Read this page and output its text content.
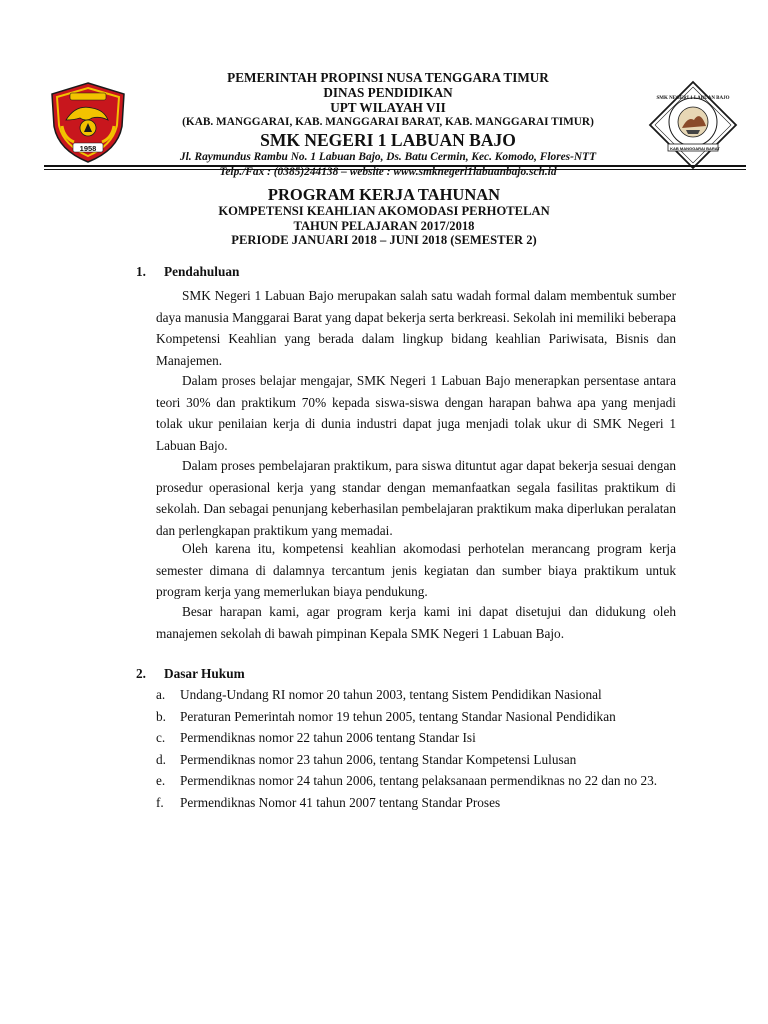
1958
SMK NEGERI 1 LABUAN BAJO
KAB MANGGARAI BARAT
PEMERINTAH PROPINSI NUSA TENGGARA TIMUR
DINAS PENDIDIKAN
UPT WILAYAH VII
(KAB. MANGGARAI, KAB. MANGGARAI BARAT, KAB. MANGGARAI TIMUR)
SMK NEGERI 1 LABUAN BAJO
Jl. Raymundus Rambu No. 1 Labuan Bajo, Ds. Batu Cermin, Kec. Komodo, Flores-NTT
Telp./Fax : (0385)244138 – website : www.smknegeri1labuanbajo.sch.id
PROGRAM KERJA TAHUNAN
KOMPETENSI KEAHLIAN AKOMODASI PERHOTELAN
TAHUN PELAJARAN 2017/2018
PERIODE JANUARI 2018 – JUNI 2018 (SEMESTER 2)
1. Pendahuluan

SMK Negeri 1 Labuan Bajo merupakan salah satu wadah formal dalam membentuk sumber daya manusia Manggarai Barat yang dapat bekerja serta berkreasi. Sekolah ini memiliki beberapa Kompetensi Keahlian yang berada dalam lingkup bidang keahlian Pariwisata, Bisnis dan Manajemen.

Dalam proses belajar mengajar, SMK Negeri 1 Labuan Bajo menerapkan persentase antara teori 30% dan praktikum 70% kepada siswa-siswa dengan harapan bahwa apa yang menjadi tolak ukur penilaian kerja di dunia industri dapat juga menjadi tolak ukur di SMK Negeri 1 Labuan Bajo.

Dalam proses pembelajaran praktikum, para siswa dituntut agar dapat bekerja sesuai dengan prosedur operasional kerja yang standar dengan memanfaatkan segala fasilitas praktikum di sekolah. Dan sebagai penunjang keberhasilan pembelajaran praktikum maka diperlukan peralatan dan perlengkapan praktikum yang memadai.

Oleh karena itu, kompetensi keahlian akomodasi perhotelan merancang program kerja semester dimana di dalamnya tercantum jenis kegiatan dan sumber biaya praktikum untuk program kerja yang memerlukan biaya pendukung.

Besar harapan kami, agar program kerja kami ini dapat disetujui dan didukung oleh manajemen sekolah di bawah pimpinan Kepala SMK Negeri 1 Labuan Bajo.

2. Dasar Hukum
a. Undang-Undang RI nomor 20 tahun 2003, tentang Sistem Pendidikan Nasional
b. Peraturan Pemerintah nomor 19 tehun 2005, tentang Standar Nasional Pendidikan
c. Permendiknas nomor 22 tahun 2006 tentang Standar Isi
d. Permendiknas nomor 23 tahun 2006, tentang Standar Kompetensi Lulusan
e. Permendiknas nomor 24 tahun 2006, tentang pelaksanaan permendiknas no 22 dan no 23.
f. Permendiknas Nomor 41 tahun 2007 tentang Standar Proses
